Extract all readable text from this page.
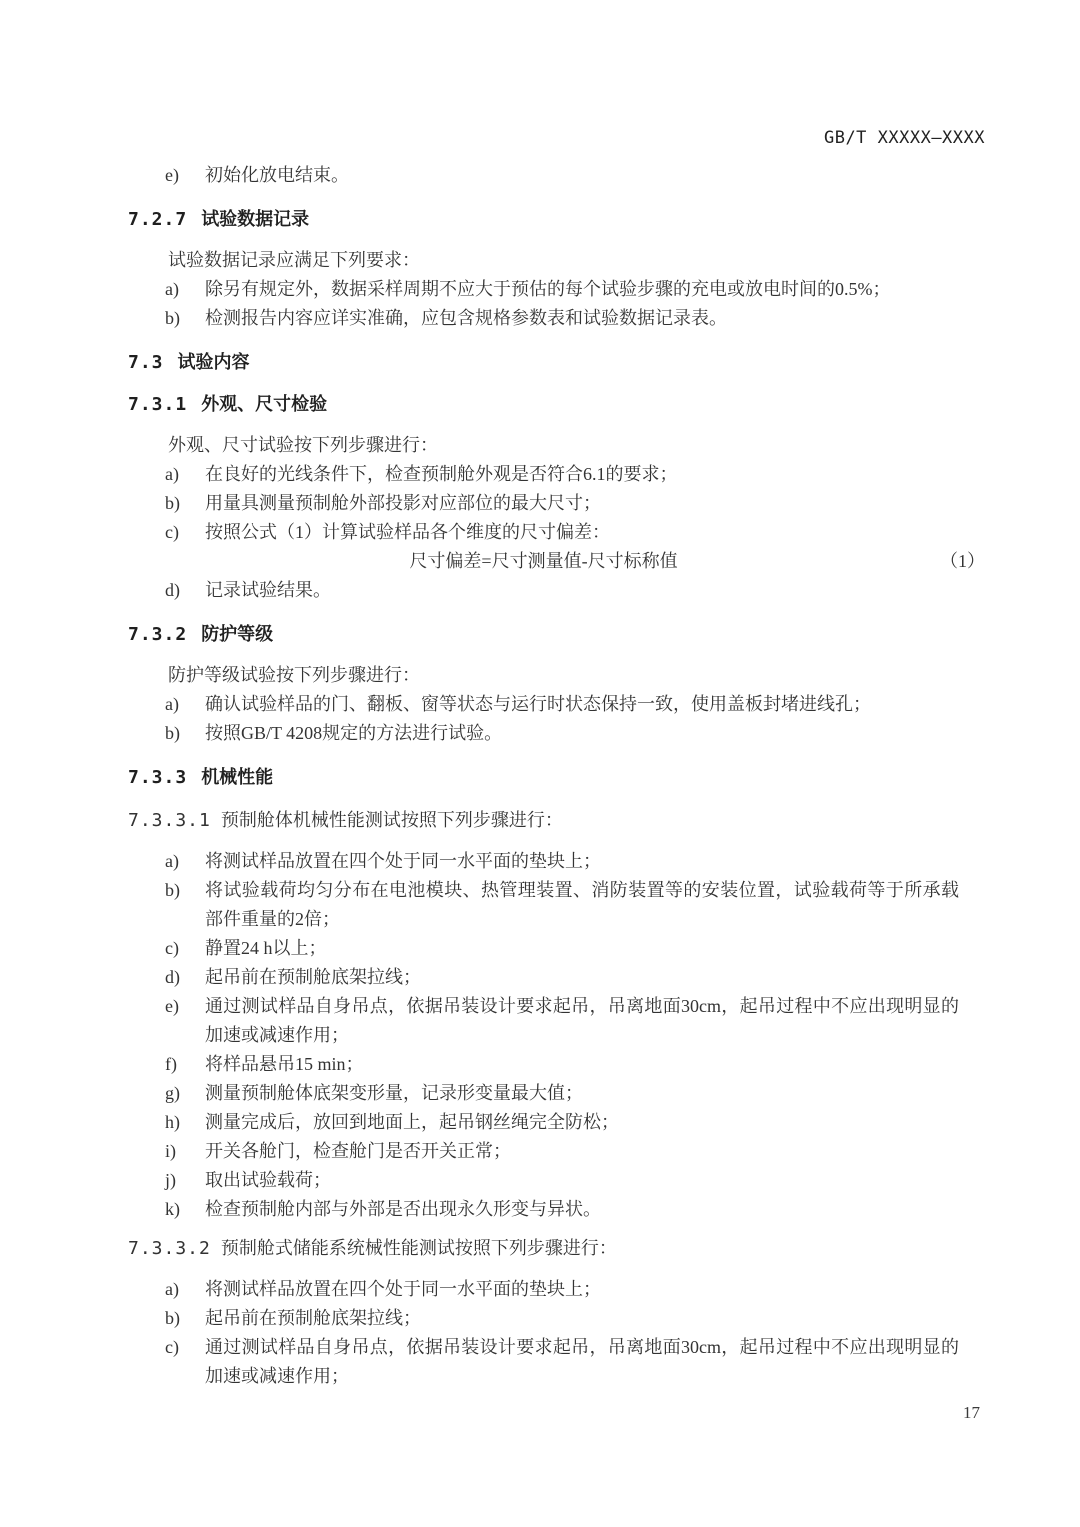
GB/T XXXXX—XXXX
e)	初始化放电结束。
7.2.7 试验数据记录
试验数据记录应满足下列要求：
a)	除另有规定外，数据采样周期不应大于预估的每个试验步骤的充电或放电时间的0.5%；
b)	检测报告内容应详实准确，应包含规格参数表和试验数据记录表。
7.3 试验内容
7.3.1 外观、尺寸检验
外观、尺寸试验按下列步骤进行：
a)	在良好的光线条件下，检查预制舱外观是否符合6.1的要求；
b)	用量具测量预制舱外部投影对应部位的最大尺寸；
c)	按照公式（1）计算试验样品各个维度的尺寸偏差：
尺寸偏差=尺寸测量值-尺寸标称值	（1）
d)	记录试验结果。
7.3.2 防护等级
防护等级试验按下列步骤进行：
a)	确认试验样品的门、翻板、窗等状态与运行时状态保持一致，使用盖板封堵进线孔；
b)	按照GB/T 4208规定的方法进行试验。
7.3.3 机械性能
7.3.3.1 预制舱体机械性能测试按照下列步骤进行：
a)	将测试样品放置在四个处于同一水平面的垫块上；
b)	将试验载荷均匀分布在电池模块、热管理装置、消防装置等的安装位置，试验载荷等于所承载部件重量的2倍；
c)	静置24 h以上；
d)	起吊前在预制舱底架拉线；
e)	通过测试样品自身吊点，依据吊装设计要求起吊，吊离地面30cm，起吊过程中不应出现明显的加速或减速作用；
f)	将样品悬吊15 min；
g)	测量预制舱体底架变形量，记录形变量最大值；
h)	测量完成后，放回到地面上，起吊钢丝绳完全防松；
i)	开关各舱门，检查舱门是否开关正常；
j)	取出试验载荷；
k)	检查预制舱内部与外部是否出现永久形变与异状。
7.3.3.2 预制舱式储能系统械性能测试按照下列步骤进行：
a)	将测试样品放置在四个处于同一水平面的垫块上；
b)	起吊前在预制舱底架拉线；
c)	通过测试样品自身吊点，依据吊装设计要求起吊，吊离地面30cm，起吊过程中不应出现明显的加速或减速作用；
17
